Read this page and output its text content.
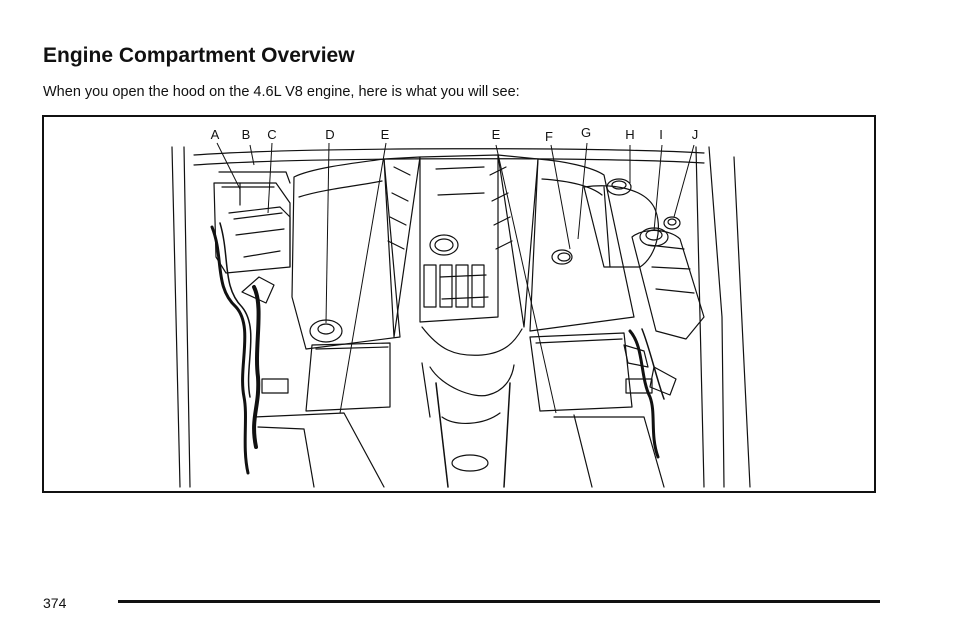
Engine Compartment Overview

When you open the hood on the 4.6L V8 engine, here is what you will see:

A B C	D	E	E	F G	H I J
374
